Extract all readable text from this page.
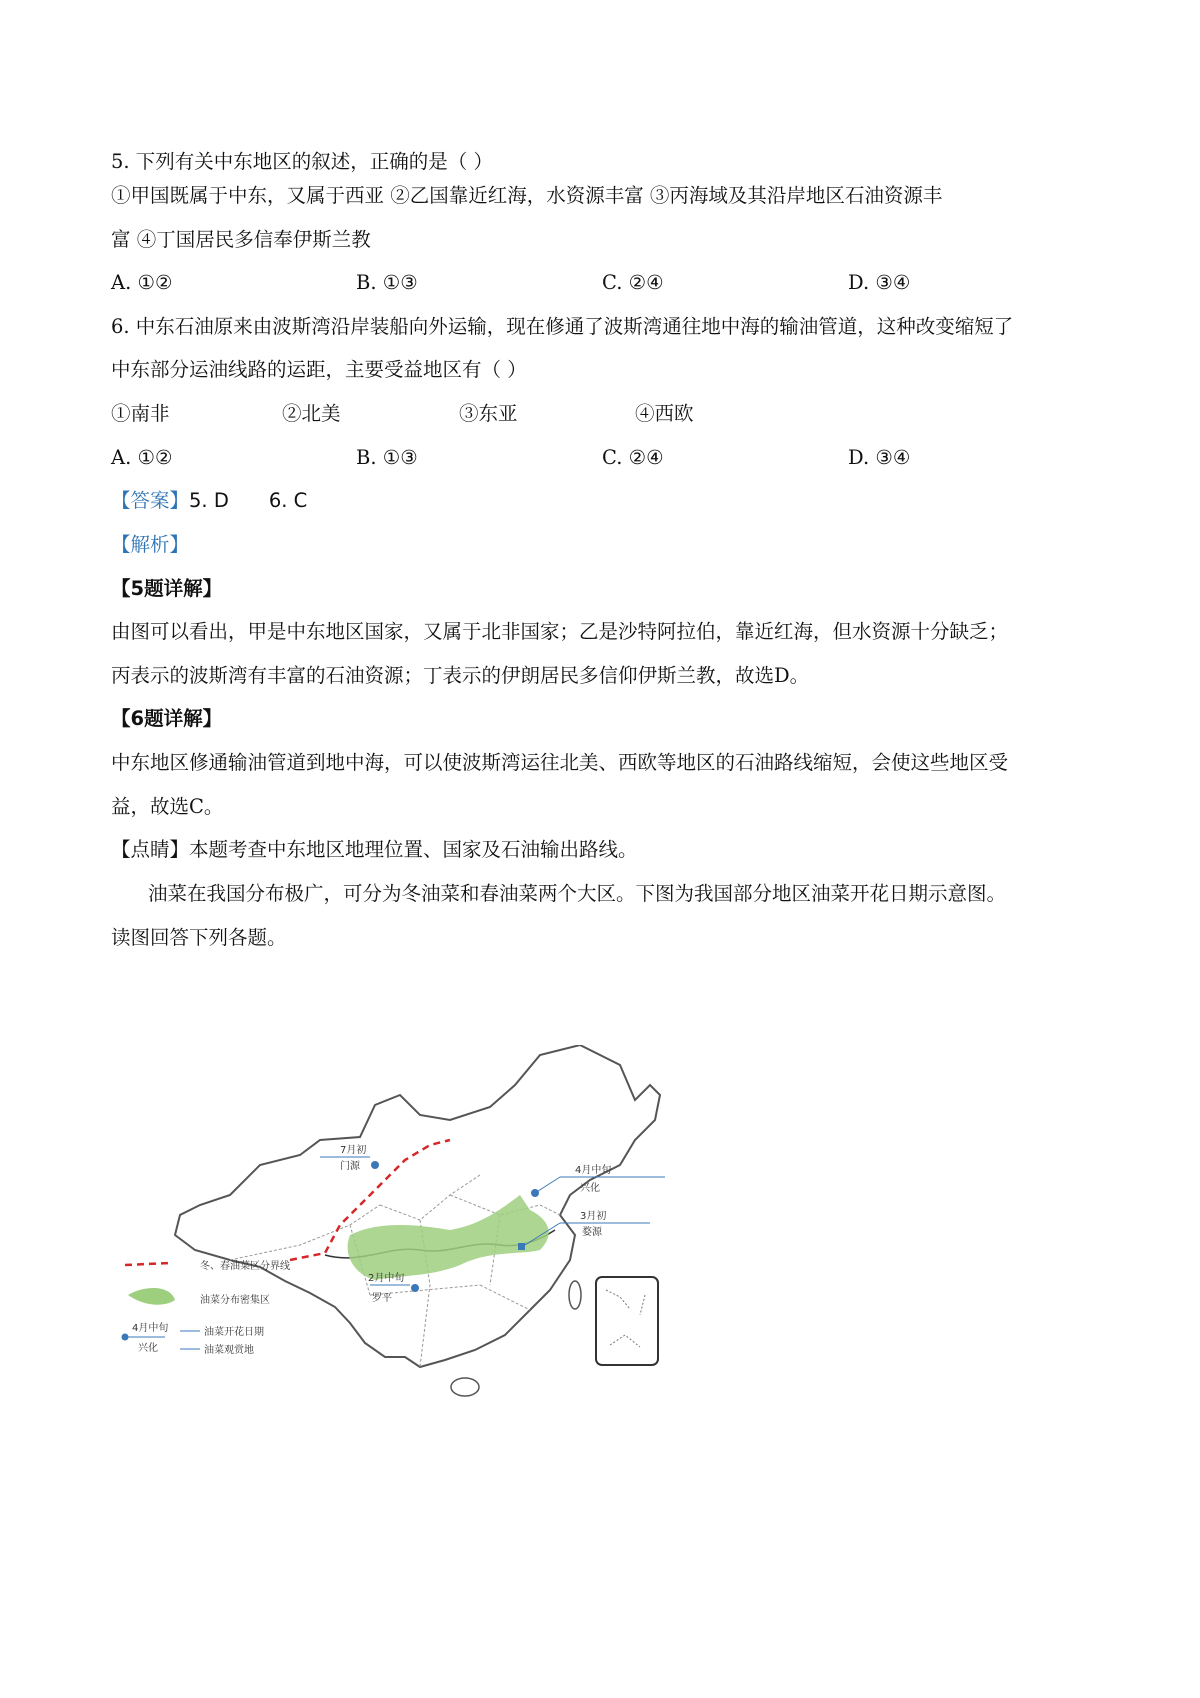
5. 下列有关中东地区的叙述，正确的是（ ）
①甲国既属于中东，又属于西亚 ②乙国靠近红海，水资源丰富 ③丙海域及其沿岸地区石油资源丰
富 ④丁国居民多信奉伊斯兰教
A. ①②	B. ①③	C. ②④	D. ③④
6. 中东石油原来由波斯湾沿岸装船向外运输，现在修通了波斯湾通往地中海的输油管道，这种改变缩短了
中东部分运油线路的运距，主要受益地区有（ ）
①南非	②北美	③东亚	④西欧
A. ①②	B. ①③	C. ②④	D. ③④
【答案】5. D 6. C
【解析】
【5题详解】
由图可以看出，甲是中东地区国家，又属于北非国家；乙是沙特阿拉伯，靠近红海，但水资源十分缺乏；
丙表示的波斯湾有丰富的石油资源；丁表示的伊朗居民多信仰伊斯兰教，故选D。
【6题详解】
中东地区修通输油管道到地中海，可以使波斯湾运往北美、西欧等地区的石油路线缩短，会使这些地区受
益，故选C。
【点睛】本题考查中东地区地理位置、国家及石油输出路线。
油菜在我国分布极广，可分为冬油菜和春油菜两个大区。下图为我国部分地区油菜开花日期示意图。
读图回答下列各题。
7月初
门源	4月中旬
兴化
3月初
婺源
2月中旬
罗平
冬、春油菜区分界线
油菜分布密集区
4月中旬
兴化
油菜开花日期
油菜观赏地
